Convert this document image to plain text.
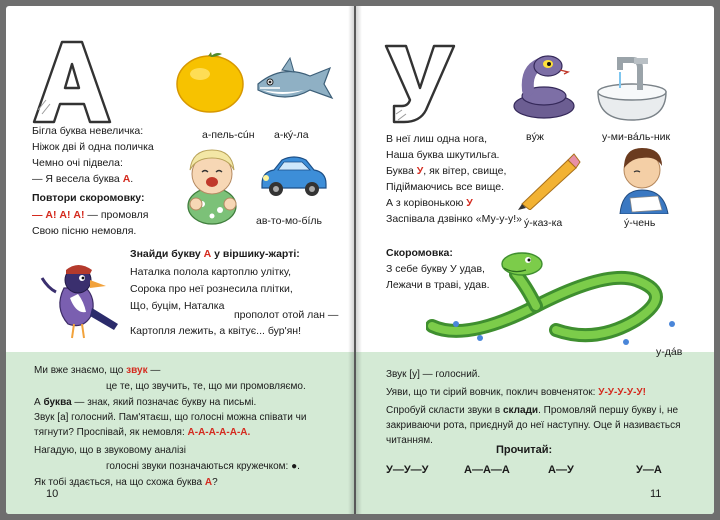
а-пель-сúн а-кý-ла
Бігла буква невеличка:
Ніжок дві й одна поличка
Чемно очі підвела:
— Я весела буква А.
ав-то-мо-бíль
Повтори скоромовку:
— А! А! А! — промовля
Свою пісню немовля.
Знайди букву А у віршику-жарті:
Наталка полола картоплю улітку,
Сорока про неї рознесила плітки,
Що, буцім, Наталка
прополот отой лан —
Картопля лежить, а квітує... бур'ян!
Ми вже знаємо, що звук —
це те, що звучить, те, що ми промовляємо.
А буква — знак, який позначає букву на письмі.
Звук [а] голосний. Пам'ятаєш, що голосні можна співати чи тягнути? Проспівай, як немовля: А-А-А-А-А-А.
Нагадую, що в звуковому аналізі
голосні звуки позначаються кружечком: ●.
Як тобі здається, на що схожа буква А?
10
вýж	у-ми-вáль-ник
В неї лиш одна нога,
Наша буква шкутильга.
Буква У, як вітер, свище,
Підіймаючись все вище.
А з корівонькою У
Заспівала дзвінко «Му-у-у!» ý-каз-ка	ý-чень
Скоромовка:
З себе букву У удав,
Лежачи в траві, удав.
у-дáв
Звук [у] — голосний.
Уяви, що ти сірий вовчик, поклич вовченяток: У-У-У-У-У!
Спробуй скласти звуки в склади. Промовляй першу букву і, не закриваючи рота, приєднуй до неї наступну. Оце й називається читанням.
Прочитай:
У—У—У	А—А—А	А—У	У—А
11
